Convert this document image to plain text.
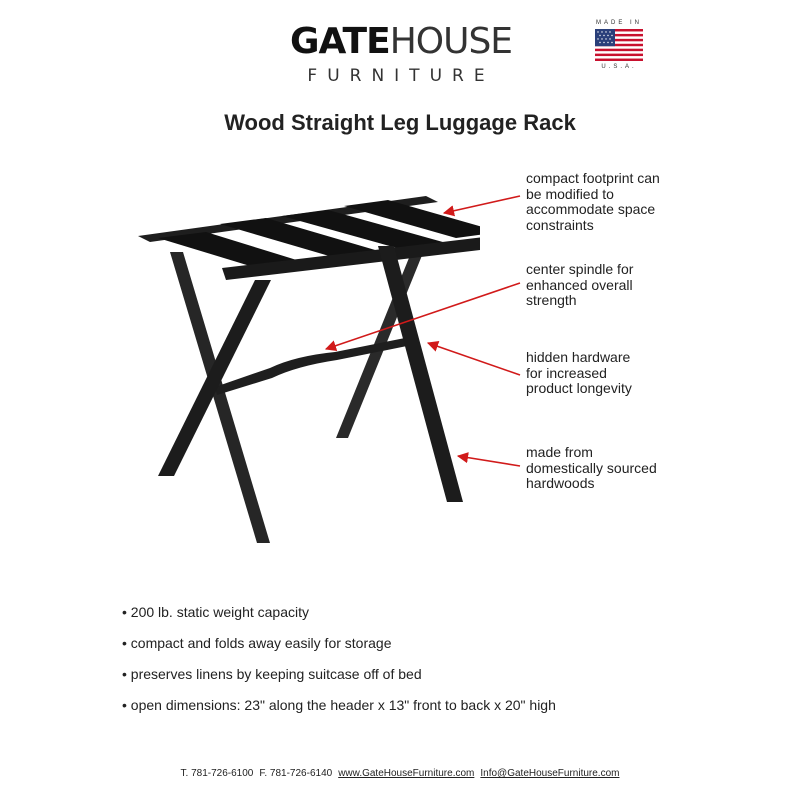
GATEHOUSE
FURNITURE
MADE IN
U.S.A.
Wood Straight Leg Luggage Rack
compact footprint can
be modified to
accommodate space
constraints
center spindle for
enhanced overall
strength
hidden hardware
for increased
product longevity
made from
domestically sourced
hardwoods
• 200 lb. static weight capacity
• compact and folds away easily for storage
• preserves linens by keeping suitcase off of bed
• open dimensions: 23" along the header x 13" front to back x 20" high
T. 781-726-6100 F. 781-726-6140 www.GateHouseFurniture.com Info@GateHouseFurniture.com
